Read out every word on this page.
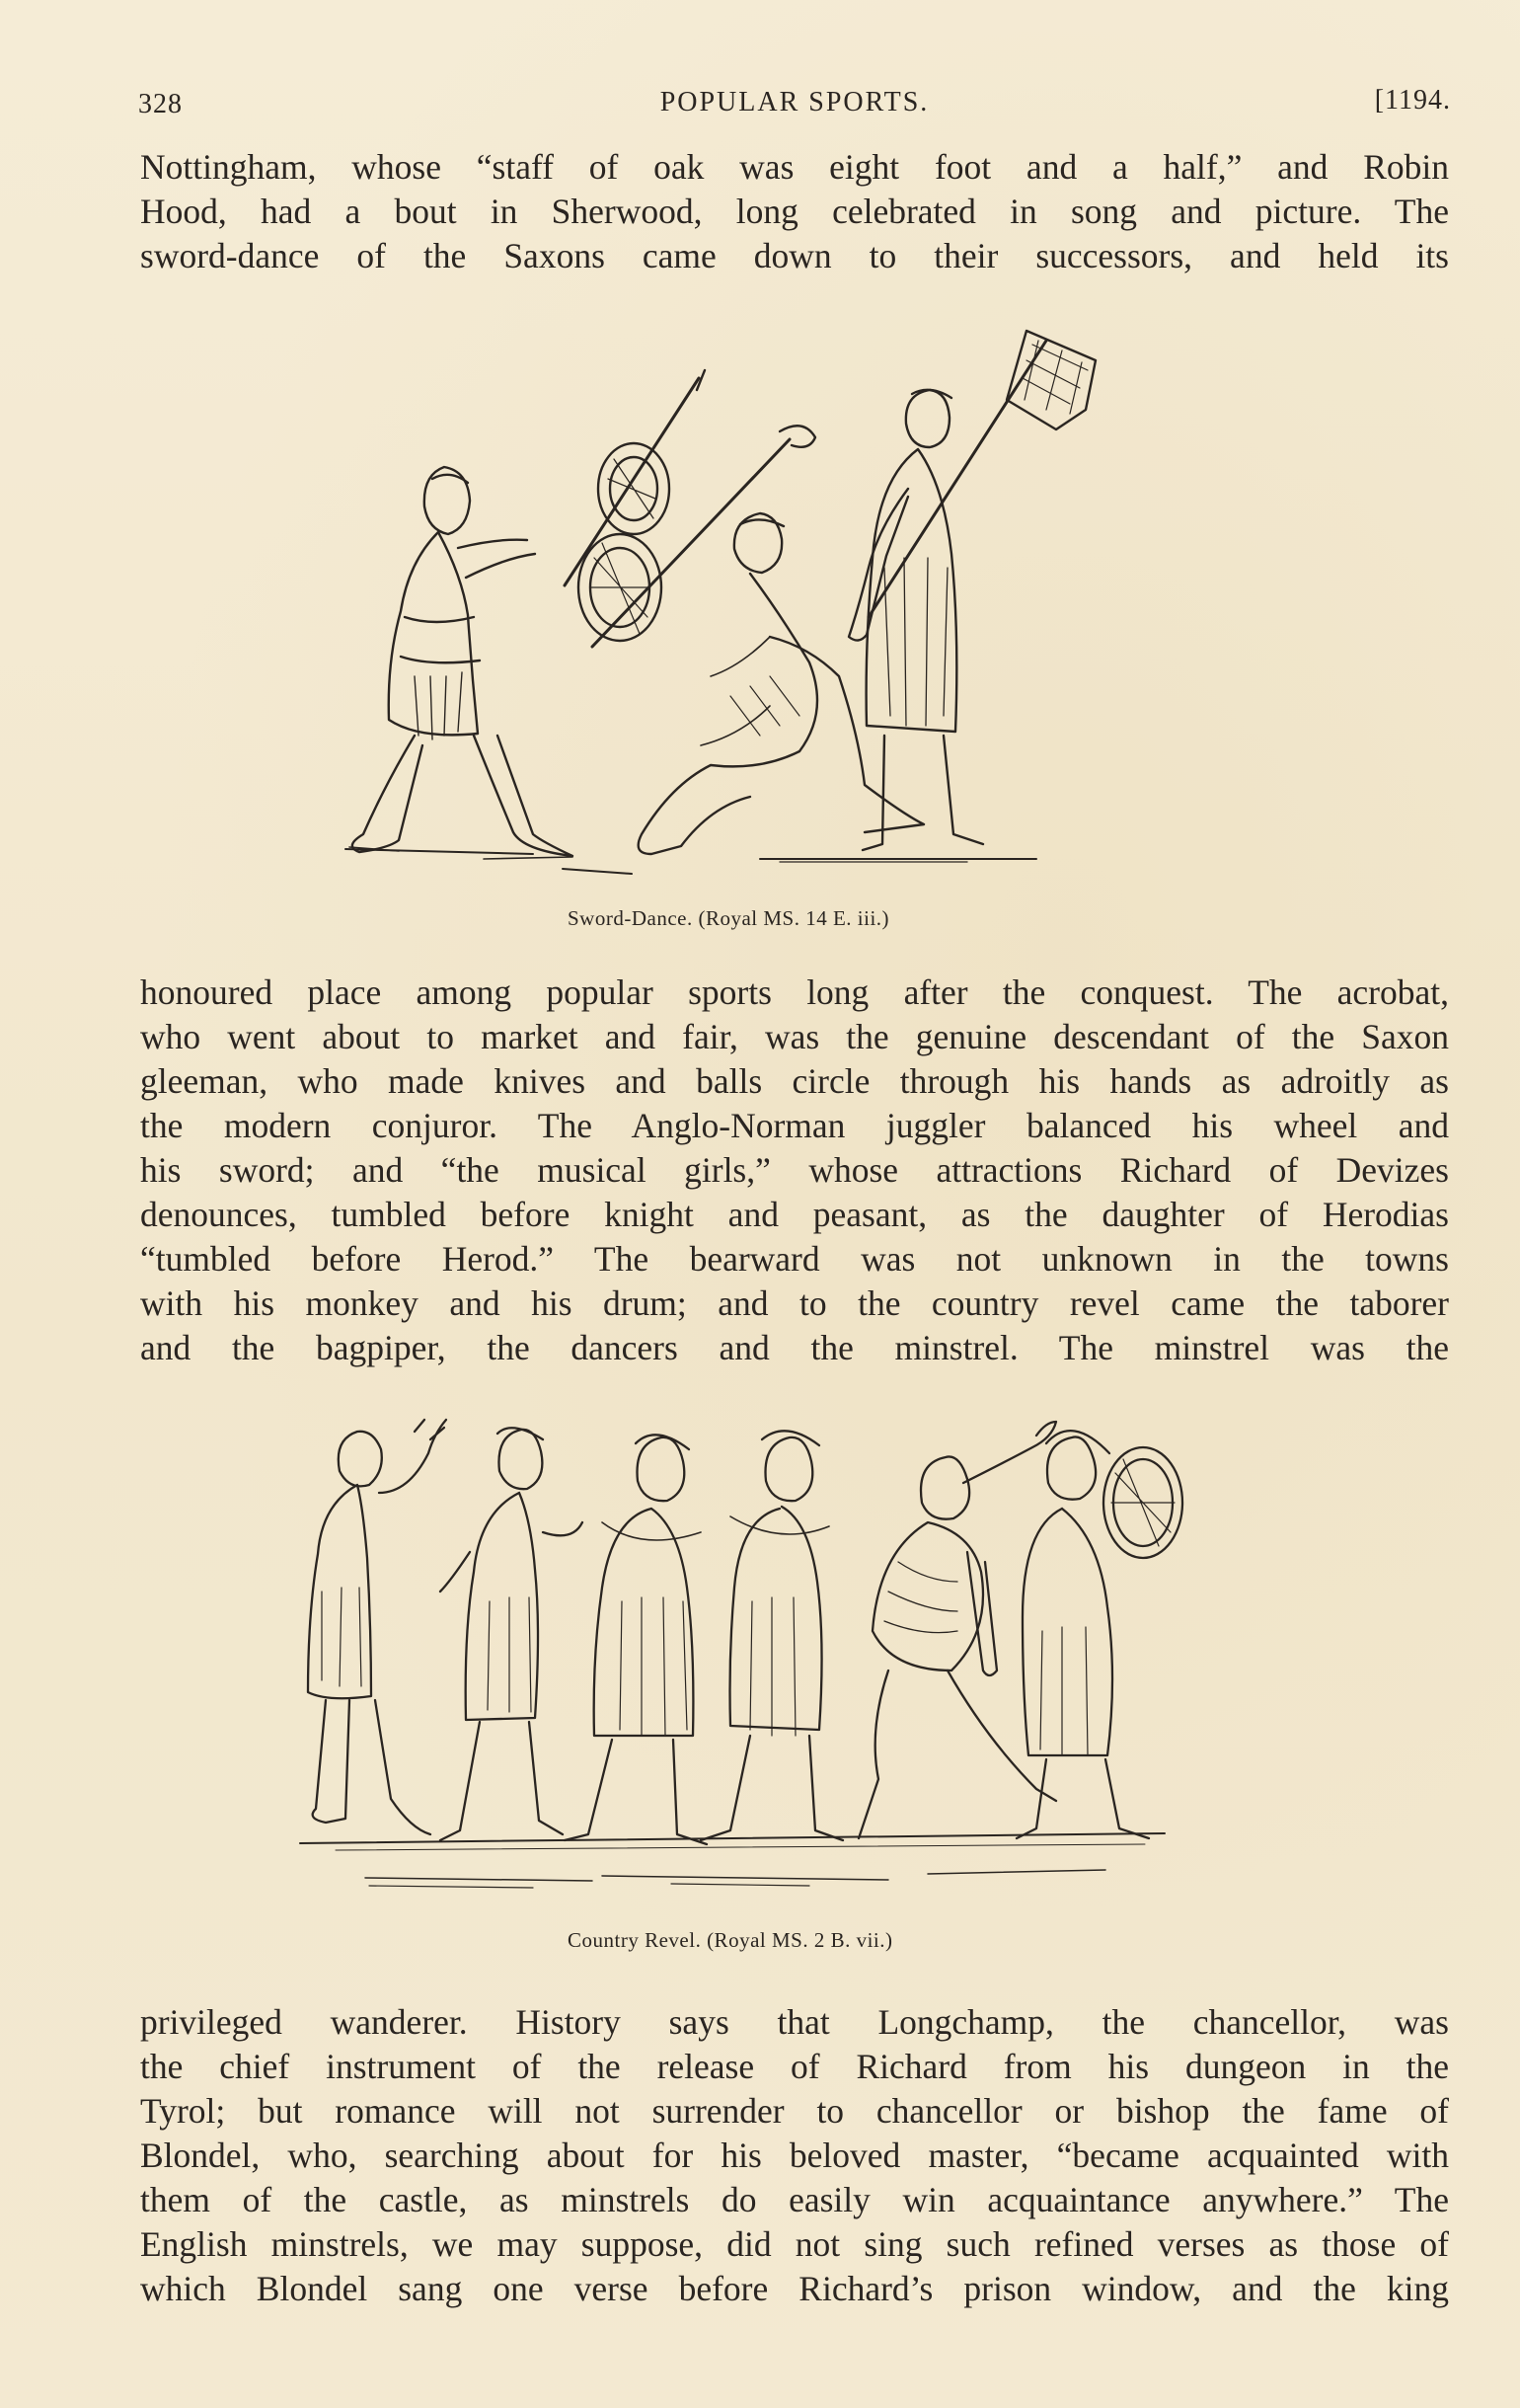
328	POPULAR SPORTS.	[1194.
Nottingham, whose “staff of oak was eight foot and a half,” and Robin
Hood, had a bout in Sherwood, long celebrated in song and picture. The
sword-dance of the Saxons came down to their successors, and held its
Sword-Dance. (Royal MS. 14 E. iii.)
honoured place among popular sports long after the conquest. The acrobat,
who went about to market and fair, was the genuine descendant of the Saxon
gleeman, who made knives and balls circle through his hands as adroitly as
the modern conjuror. The Anglo-Norman juggler balanced his wheel and
his sword; and “the musical girls,” whose attractions Richard of Devizes
denounces, tumbled before knight and peasant, as the daughter of Herodias
“tumbled before Herod.” The bearward was not unknown in the towns
with his monkey and his drum; and to the country revel came the taborer
and the bagpiper, the dancers and the minstrel. The minstrel was the
Country Revel. (Royal MS. 2 B. vii.)
privileged wanderer. History says that Longchamp, the chancellor, was
the chief instrument of the release of Richard from his dungeon in the
Tyrol; but romance will not surrender to chancellor or bishop the fame of
Blondel, who, searching about for his beloved master, “became acquainted with
them of the castle, as minstrels do easily win acquaintance anywhere.” The
English minstrels, we may suppose, did not sing such refined verses as those of
which Blondel sang one verse before Richard’s prison window, and the king
